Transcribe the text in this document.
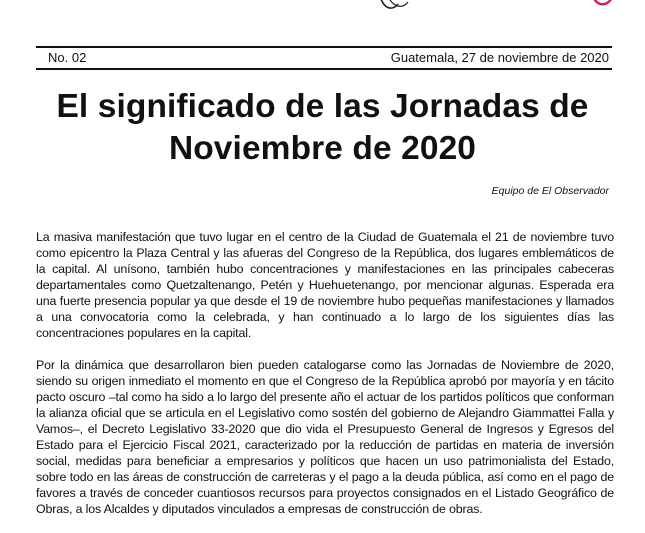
No. 02	Guatemala, 27 de noviembre de 2020
El significado de las Jornadas de Noviembre de 2020
Equipo de El Observador

La masiva manifestación que tuvo lugar en el centro de la Ciudad de Guatemala el 21 de noviembre tuvo como epicentro la Plaza Central y las afueras del Congreso de la República, dos lugares emblemáticos de la capital. Al unísono, también hubo concentraciones y manifestaciones en las principales cabeceras departamentales como Quetzaltenango, Petén y Huehuetenango, por mencionar algunas. Esperada era una fuerte presencia popular ya que desde el 19 de noviembre hubo pequeñas manifestaciones y llamados a una convocatoria como la celebrada, y han continuado a lo largo de los siguientes días las concentraciones populares en la capital.

Por la dinámica que desarrollaron bien pueden catalogarse como las Jornadas de Noviembre de 2020, siendo su origen inmediato el momento en que el Congreso de la República aprobó por mayoría y en tácito pacto oscuro –tal como ha sido a lo largo del presente año el actuar de los partidos políticos que conforman la alianza oficial que se articula en el Legislativo como sostén del gobierno de Alejandro Giammattei Falla y Vamos–, el Decreto Legislativo 33-2020 que dio vida el Presupuesto General de Ingresos y Egresos del Estado para el Ejercicio Fiscal 2021, caracterizado por la reducción de partidas en materia de inversión social, medidas para beneficiar a empresarios y políticos que hacen un uso patrimonialista del Estado, sobre todo en las áreas de construcción de carreteras y el pago a la deuda pública, así como en el pago de favores a través de conceder cuantiosos recursos para proyectos consignados en el Listado Geográfico de Obras, a los Alcaldes y diputados vinculados a empresas de construcción de obras.
